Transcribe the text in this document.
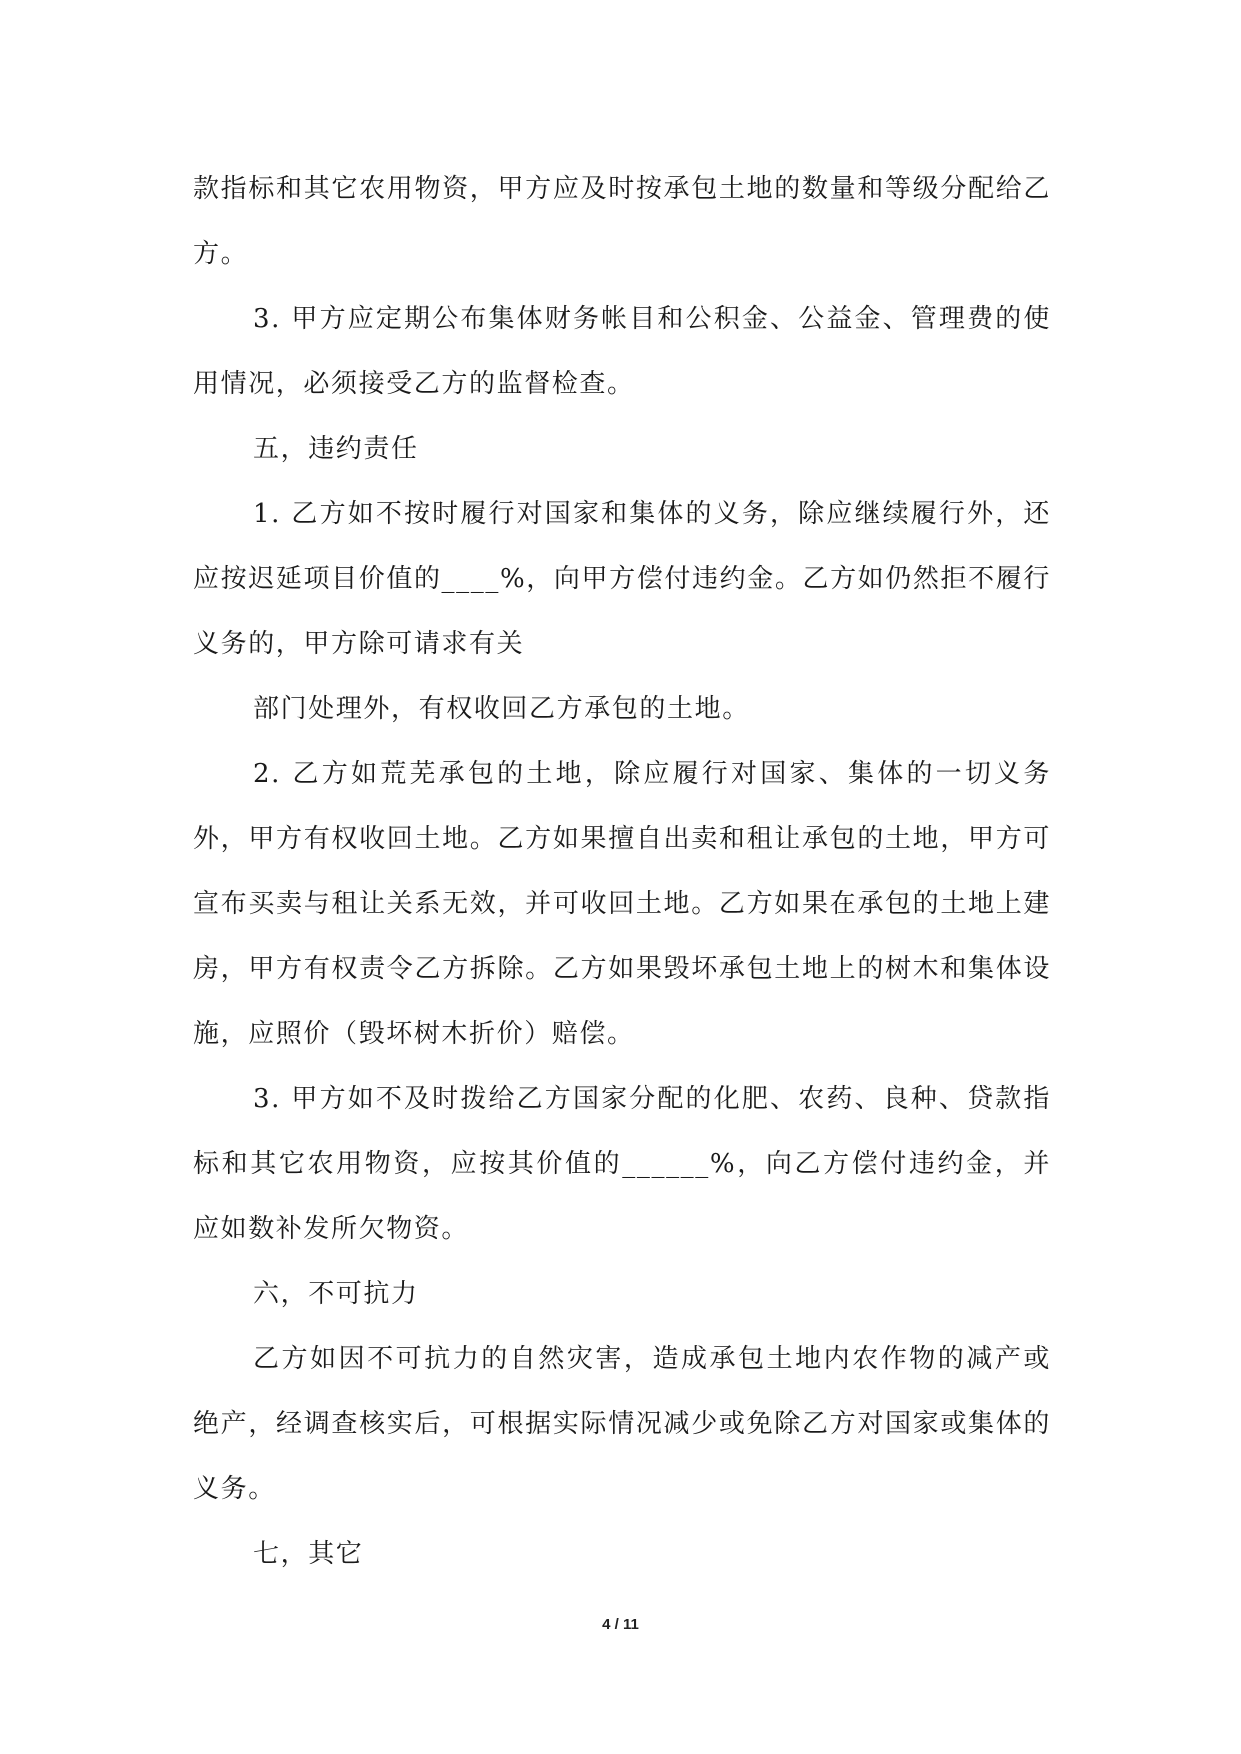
款指标和其它农用物资，甲方应及时按承包土地的数量和等级分配给乙方。

3. 甲方应定期公布集体财务帐目和公积金、公益金、管理费的使用情况，必须接受乙方的监督检查。

五，违约责任

1. 乙方如不按时履行对国家和集体的义务，除应继续履行外，还应按迟延项目价值的____%，向甲方偿付违约金。乙方如仍然拒不履行义务的，甲方除可请求有关

部门处理外，有权收回乙方承包的土地。

2. 乙方如荒芜承包的土地，除应履行对国家、集体的一切义务外，甲方有权收回土地。乙方如果擅自出卖和租让承包的土地，甲方可宣布买卖与租让关系无效，并可收回土地。乙方如果在承包的土地上建房，甲方有权责令乙方拆除。乙方如果毁坏承包土地上的树木和集体设施，应照价（毁坏树木折价）赔偿。

3. 甲方如不及时拨给乙方国家分配的化肥、农药、良种、贷款指标和其它农用物资，应按其价值的______%，向乙方偿付违约金，并应如数补发所欠物资。

六，不可抗力

乙方如因不可抗力的自然灾害，造成承包土地内农作物的减产或绝产，经调查核实后，可根据实际情况减少或免除乙方对国家或集体的义务。

七，其它

4 / 11
